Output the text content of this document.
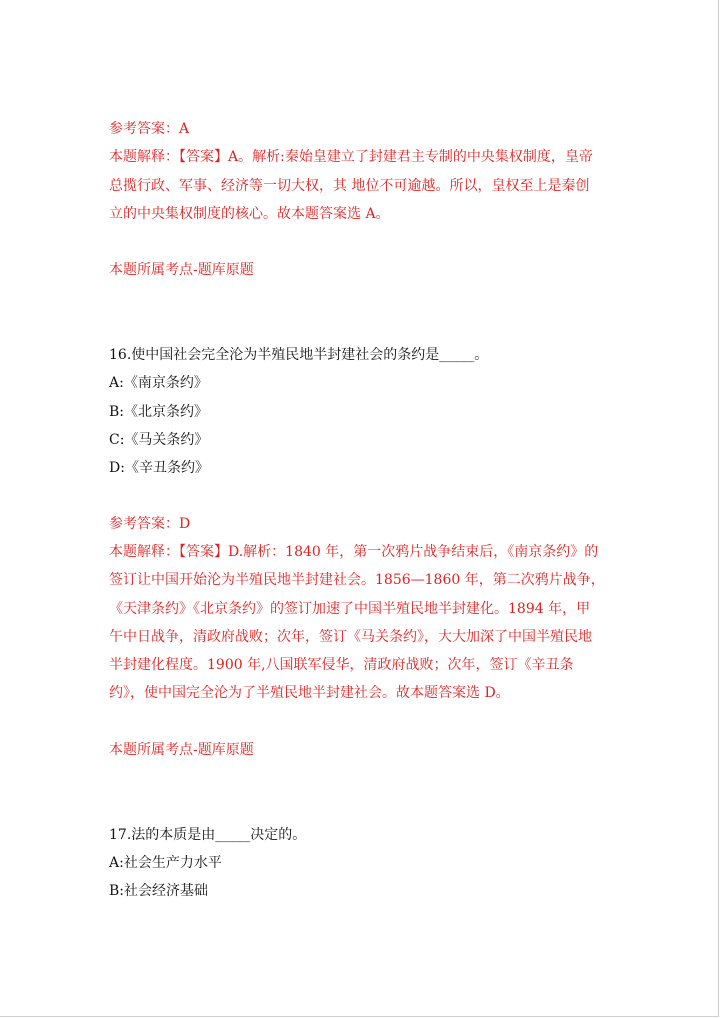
参考答案：A
本题解释：【答案】A。解析:秦始皇建立了封建君主专制的中央集权制度，皇帝
总揽行政、军事、经济等一切大权，其 地位不可逾越。所以，皇权至上是秦创
立的中央集权制度的核心。故本题答案选 A。
本题所属考点-题库原题
16.使中国社会完全沦为半殖民地半封建社会的条约是_____。
A:《南京条约》
B:《北京条约》
C:《马关条约》
D:《辛丑条约》
参考答案：D
本题解释：【答案】D.解析：1840 年，第一次鸦片战争结束后，《南京条约》的
签订让中国开始沦为半殖民地半封建社会。1856—1860 年，第二次鸦片战争，
《天津条约》《北京条约》的签订加速了中国半殖民地半封建化。1894 年，甲
午中日战争，清政府战败；次年，签订《马关条约》，大大加深了中国半殖民地
半封建化程度。1900 年,八国联军侵华，清政府战败；次年，签订《辛丑条
约》，使中国完全沦为了半殖民地半封建社会。故本题答案选 D。
本题所属考点-题库原题
17.法的本质是由_____决定的。
A:社会生产力水平
B:社会经济基础
